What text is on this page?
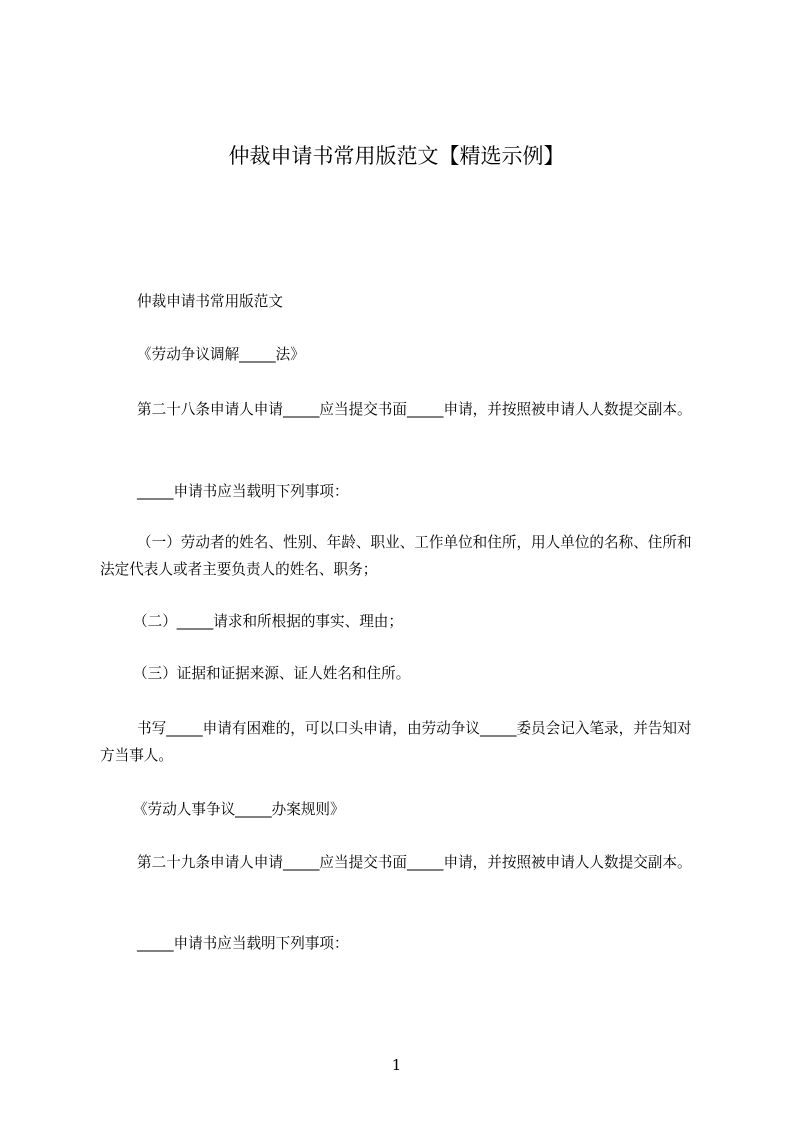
仲裁申请书常用版范文【精选示例】

仲裁申请书常用版范文

《劳动争议调解_____法》

第二十八条申请人申请_____应当提交书面_____申请，并按照被申请人人数提交副本。

_____申请书应当载明下列事项：

（一）劳动者的姓名、性别、年龄、职业、工作单位和住所，用人单位的名称、住所和法定代表人或者主要负责人的姓名、职务；

（二）_____请求和所根据的事实、理由；

（三）证据和证据来源、证人姓名和住所。

书写_____申请有困难的，可以口头申请，由劳动争议_____委员会记入笔录，并告知对方当事人。

《劳动人事争议_____办案规则》

第二十九条申请人申请_____应当提交书面_____申请，并按照被申请人人数提交副本。

_____申请书应当载明下列事项：

1
